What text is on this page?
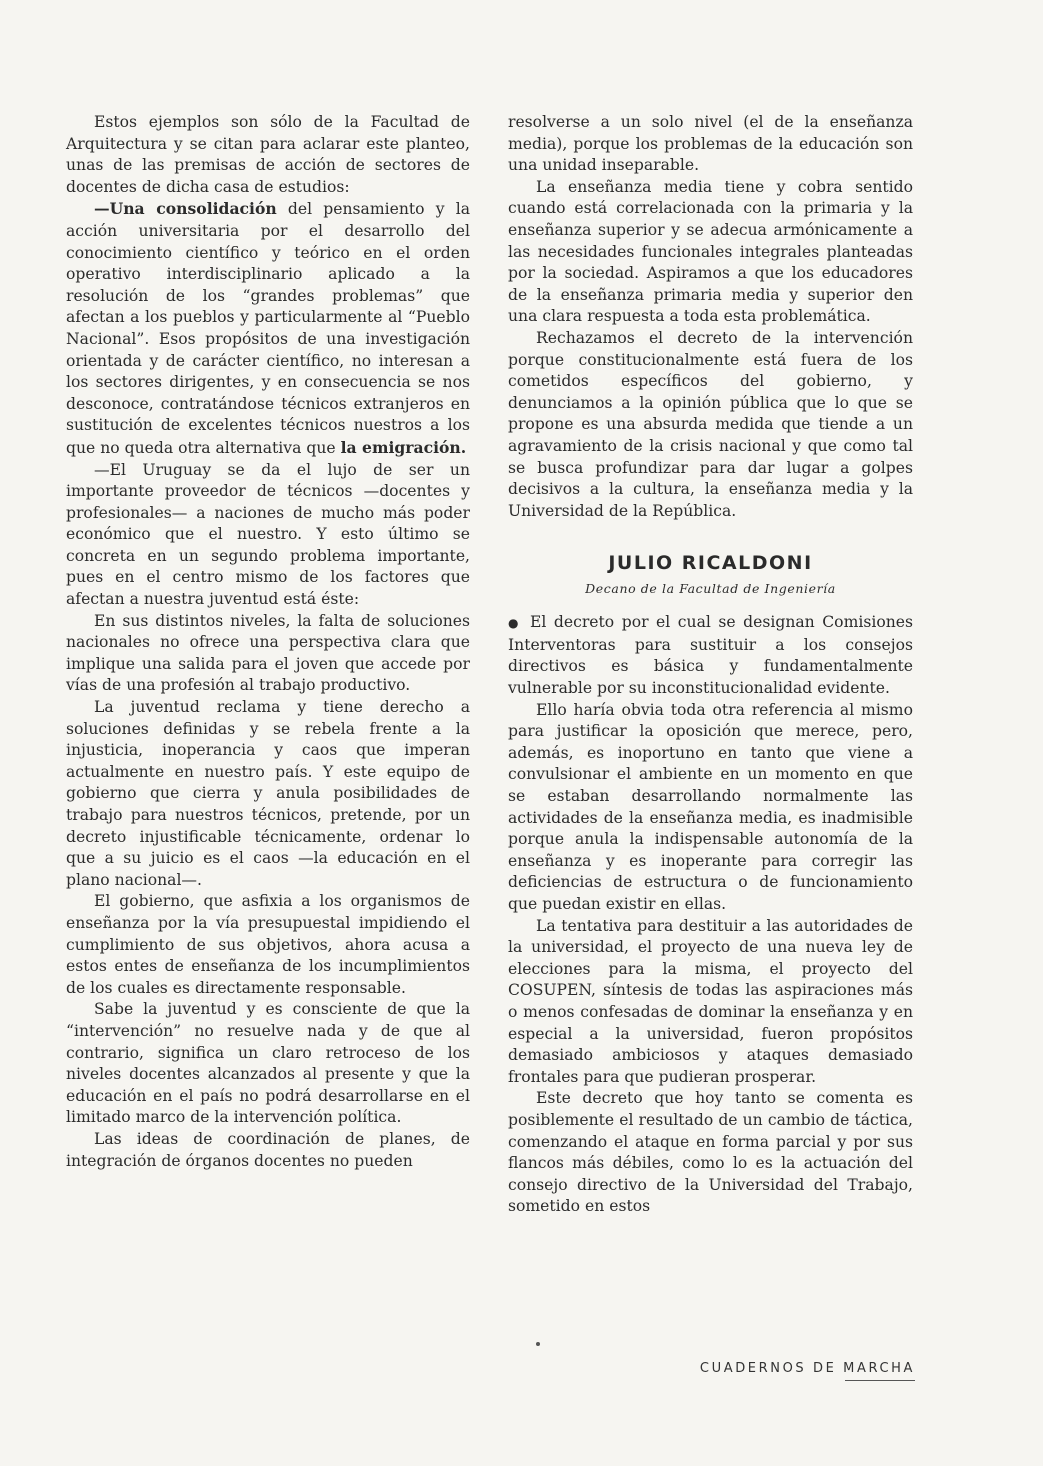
Estos ejemplos son sólo de la Facultad de Arquitectura y se citan para aclarar este planteo, unas de las premisas de acción de sectores de docentes de dicha casa de estudios:

—Una consolidación del pensamiento y la acción universitaria por el desarrollo del conocimiento científico y teórico en el orden operativo interdisciplinario aplicado a la resolución de los “grandes problemas” que afectan a los pueblos y particularmente al “Pueblo Nacional”. Esos propósitos de una investigación orientada y de carácter científico, no interesan a los sectores dirigentes, y en consecuencia se nos desconoce, contratándose técnicos extranjeros en sustitución de excelentes técnicos nuestros a los que no queda otra alternativa que la emigración.

—El Uruguay se da el lujo de ser un importante proveedor de técnicos —docentes y profesionales— a naciones de mucho más poder económico que el nuestro. Y esto último se concreta en un segundo problema importante, pues en el centro mismo de los factores que afectan a nuestra juventud está éste:

En sus distintos niveles, la falta de soluciones nacionales no ofrece una perspectiva clara que implique una salida para el joven que accede por vías de una profesión al trabajo productivo.

La juventud reclama y tiene derecho a soluciones definidas y se rebela frente a la injusticia, inoperancia y caos que imperan actualmente en nuestro país. Y este equipo de gobierno que cierra y anula posibilidades de trabajo para nuestros técnicos, pretende, por un decreto injustificable técnicamente, ordenar lo que a su juicio es el caos —la educación en el plano nacional—.

El gobierno, que asfixia a los organismos de enseñanza por la vía presupuestal impidiendo el cumplimiento de sus objetivos, ahora acusa a estos entes de enseñanza de los incumplimientos de los cuales es directamente responsable.

Sabe la juventud y es consciente de que la “intervención” no resuelve nada y de que al contrario, significa un claro retroceso de los niveles docentes alcanzados al presente y que la educación en el país no podrá desarrollarse en el limitado marco de la intervención política.

Las ideas de coordinación de planes, de integración de órganos docentes no pueden

resolverse a un solo nivel (el de la enseñanza media), porque los problemas de la educación son una unidad inseparable.

La enseñanza media tiene y cobra sentido cuando está correlacionada con la primaria y la enseñanza superior y se adecua armónicamente a las necesidades funcionales integrales planteadas por la sociedad. Aspiramos a que los educadores de la enseñanza primaria media y superior den una clara respuesta a toda esta problemática.

Rechazamos el decreto de la intervención porque constitucionalmente está fuera de los cometidos específicos del gobierno, y denunciamos a la opinión pública que lo que se propone es una absurda medida que tiende a un agravamiento de la crisis nacional y que como tal se busca profundizar para dar lugar a golpes decisivos a la cultura, la enseñanza media y la Universidad de la República.

JULIO RICALDONI
Decano de la Facultad de Ingeniería

● El decreto por el cual se designan Comisiones Interventoras para sustituir a los consejos directivos es básica y fundamentalmente vulnerable por su inconstitucionalidad evidente.

Ello haría obvia toda otra referencia al mismo para justificar la oposición que merece, pero, además, es inoportuno en tanto que viene a convulsionar el ambiente en un momento en que se estaban desarrollando normalmente las actividades de la enseñanza media, es inadmisible porque anula la indispensable autonomía de la enseñanza y es inoperante para corregir las deficiencias de estructura o de funcionamiento que puedan existir en ellas.

La tentativa para destituir a las autoridades de la universidad, el proyecto de una nueva ley de elecciones para la misma, el proyecto del COSUPEN, síntesis de todas las aspiraciones más o menos confesadas de dominar la enseñanza y en especial a la universidad, fueron propósitos demasiado ambiciosos y ataques demasiado frontales para que pudieran prosperar.

Este decreto que hoy tanto se comenta es posiblemente el resultado de un cambio de táctica, comenzando el ataque en forma parcial y por sus flancos más débiles, como lo es la actuación del consejo directivo de la Universidad del Trabajo, sometido en estos

CUADERNOS DE MARCHA
